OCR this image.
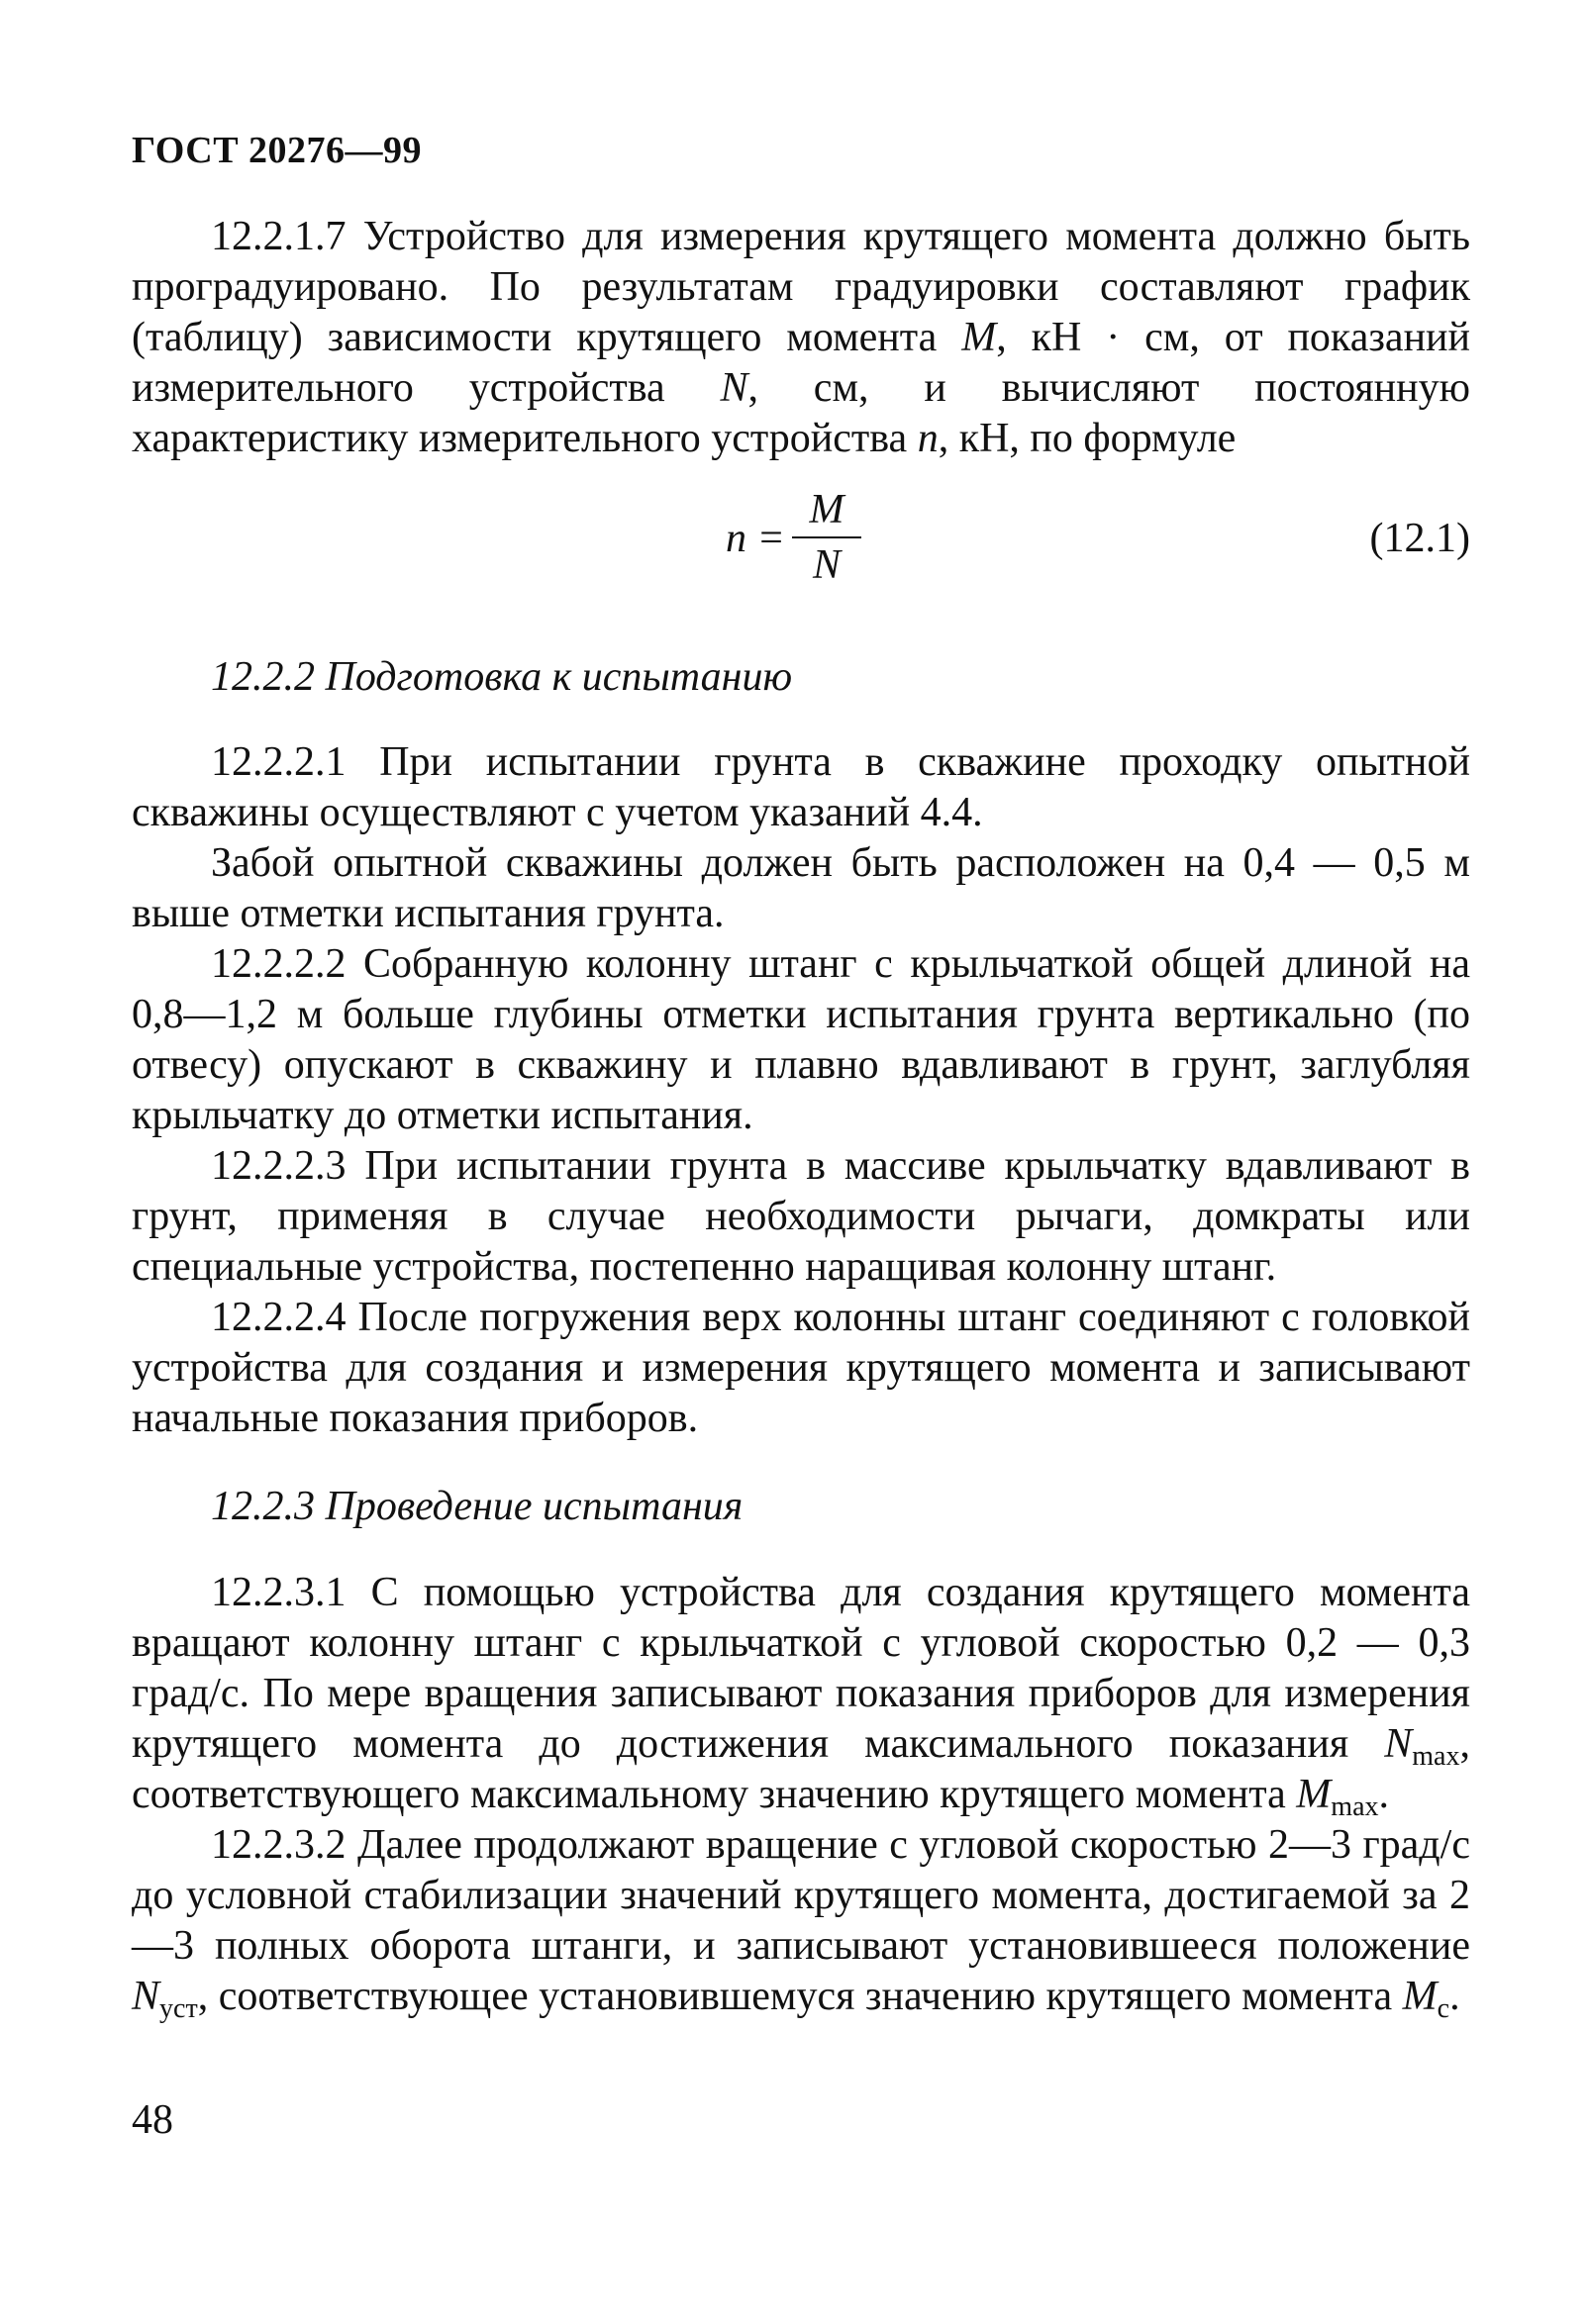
ГОСТ 20276—99

12.2.1.7 Устройство для измерения крутящего момента должно быть проградуировано. По результатам градуировки составляют график (таблицу) зависимости крутящего момента М, кН · см, от показаний измерительного устройства N, см, и вычисляют постоянную характеристику измерительного устройства n, кН, по формуле

n =
M
N
(12.1)
12.2.2 Подготовка к испытанию

12.2.2.1 При испытании грунта в скважине проходку опытной скважины осуществляют с учетом указаний 4.4.

Забой опытной скважины должен быть расположен на 0,4 — 0,5 м выше отметки испытания грунта.

12.2.2.2 Собранную колонну штанг с крыльчаткой общей длиной на 0,8—1,2 м больше глубины отметки испытания грунта вертикально (по отвесу) опускают в скважину и плавно вдавливают в грунт, заглубляя крыльчатку до отметки испытания.

12.2.2.3 При испытании грунта в массиве крыльчатку вдавливают в грунт, применяя в случае необходимости рычаги, домкраты или специальные устройства, постепенно наращивая колонну штанг.

12.2.2.4 После погружения верх колонны штанг соединяют с головкой устройства для создания и измерения крутящего момента и записывают начальные показания приборов.

12.2.3 Проведение испытания

12.2.3.1 С помощью устройства для создания крутящего момента вращают колонну штанг с крыльчаткой с угловой скоростью 0,2 — 0,3 град/с. По мере вращения записывают показания приборов для измерения крутящего момента до достижения максимального показания $N_{max}$, соответствующего максимальному значению крутящего момента $M_{max}$.

12.2.3.2 Далее продолжают вращение с угловой скоростью 2—3 град/с до условной стабилизации значений крутящего момента, достигаемой за 2—3 полных оборота штанги, и записывают установившееся положение $N_{уст}$, соответствующее установившемуся значению крутящего момента $M_c$.

48
